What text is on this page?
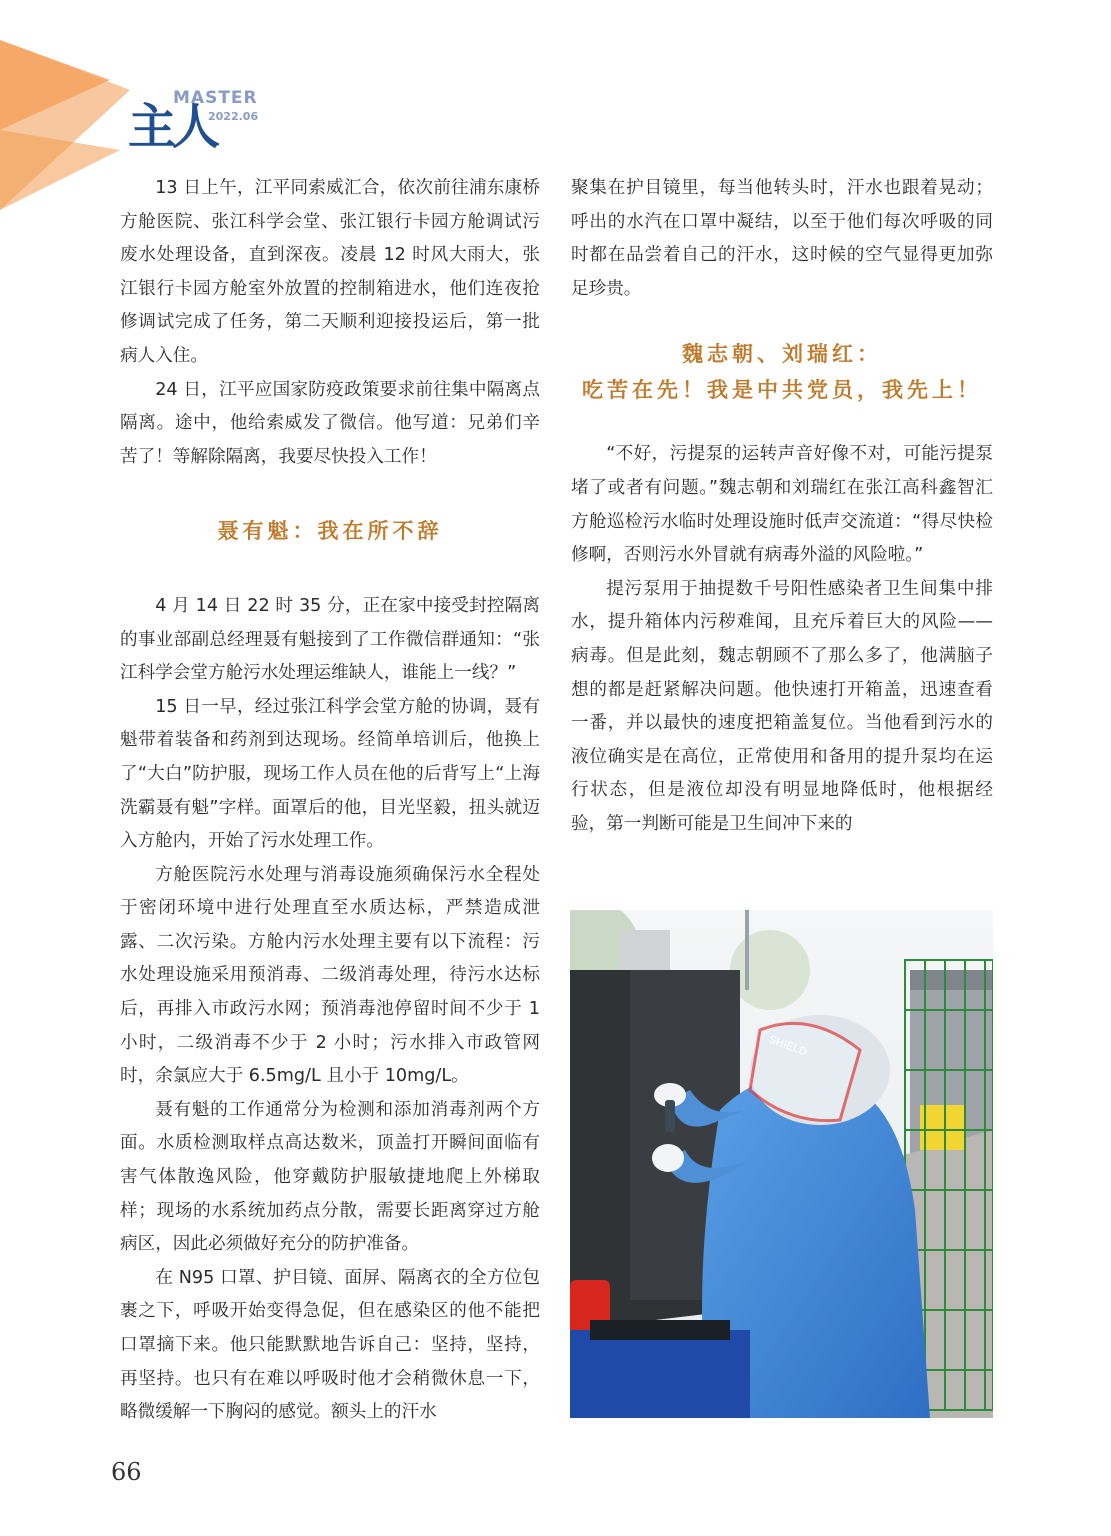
主人
MASTER
2022.06

13 日上午，江平同索威汇合，依次前往浦东康桥方舱医院、张江科学会堂、张江银行卡园方舱调试污废水处理设备，直到深夜。凌晨 12 时风大雨大，张江银行卡园方舱室外放置的控制箱进水，他们连夜抢修调试完成了任务，第二天顺利迎接投运后，第一批病人入住。

24 日，江平应国家防疫政策要求前往集中隔离点隔离。途中，他给索威发了微信。他写道：兄弟们辛苦了！等解除隔离，我要尽快投入工作！

聂有魁：我在所不辞

4 月 14 日 22 时 35 分，正在家中接受封控隔离的事业部副总经理聂有魁接到了工作微信群通知：“张江科学会堂方舱污水处理运维缺人，谁能上一线？”

15 日一早，经过张江科学会堂方舱的协调，聂有魁带着装备和药剂到达现场。经简单培训后，他换上了“大白”防护服，现场工作人员在他的后背写上“上海洗霸聂有魁”字样。面罩后的他，目光坚毅，扭头就迈入方舱内，开始了污水处理工作。

方舱医院污水处理与消毒设施须确保污水全程处于密闭环境中进行处理直至水质达标，严禁造成泄露、二次污染。方舱内污水处理主要有以下流程：污水处理设施采用预消毒、二级消毒处理，待污水达标后，再排入市政污水网；预消毒池停留时间不少于 1 小时，二级消毒不少于 2 小时；污水排入市政管网时，余氯应大于 6.5mg/L 且小于 10mg/L。

聂有魁的工作通常分为检测和添加消毒剂两个方面。水质检测取样点高达数米，顶盖打开瞬间面临有害气体散逸风险，他穿戴防护服敏捷地爬上外梯取样；现场的水系统加药点分散，需要长距离穿过方舱病区，因此必须做好充分的防护准备。

在 N95 口罩、护目镜、面屏、隔离衣的全方位包裹之下，呼吸开始变得急促，但在感染区的他不能把口罩摘下来。他只能默默地告诉自己：坚持，坚持，再坚持。也只有在难以呼吸时他才会稍微休息一下，略微缓解一下胸闷的感觉。额头上的汗水

聚集在护目镜里，每当他转头时，汗水也跟着晃动；呼出的水汽在口罩中凝结，以至于他们每次呼吸的同时都在品尝着自己的汗水，这时候的空气显得更加弥足珍贵。

魏志朝、刘瑞红：
吃苦在先！我是中共党员，我先上！

“不好，污提泵的运转声音好像不对，可能污提泵堵了或者有问题。”魏志朝和刘瑞红在张江高科鑫智汇方舱巡检污水临时处理设施时低声交流道：“得尽快检修啊，否则污水外冒就有病毒外溢的风险啦。”

提污泵用于抽提数千号阳性感染者卫生间集中排水，提升箱体内污秽难闻，且充斥着巨大的风险——病毒。但是此刻，魏志朝顾不了那么多了，他满脑子想的都是赶紧解决问题。他快速打开箱盖，迅速查看一番，并以最快的速度把箱盖复位。当他看到污水的液位确实是在高位，正常使用和备用的提升泵均在运行状态，但是液位却没有明显地降低时，他根据经验，第一判断可能是卫生间冲下来的

SHIELD
66
